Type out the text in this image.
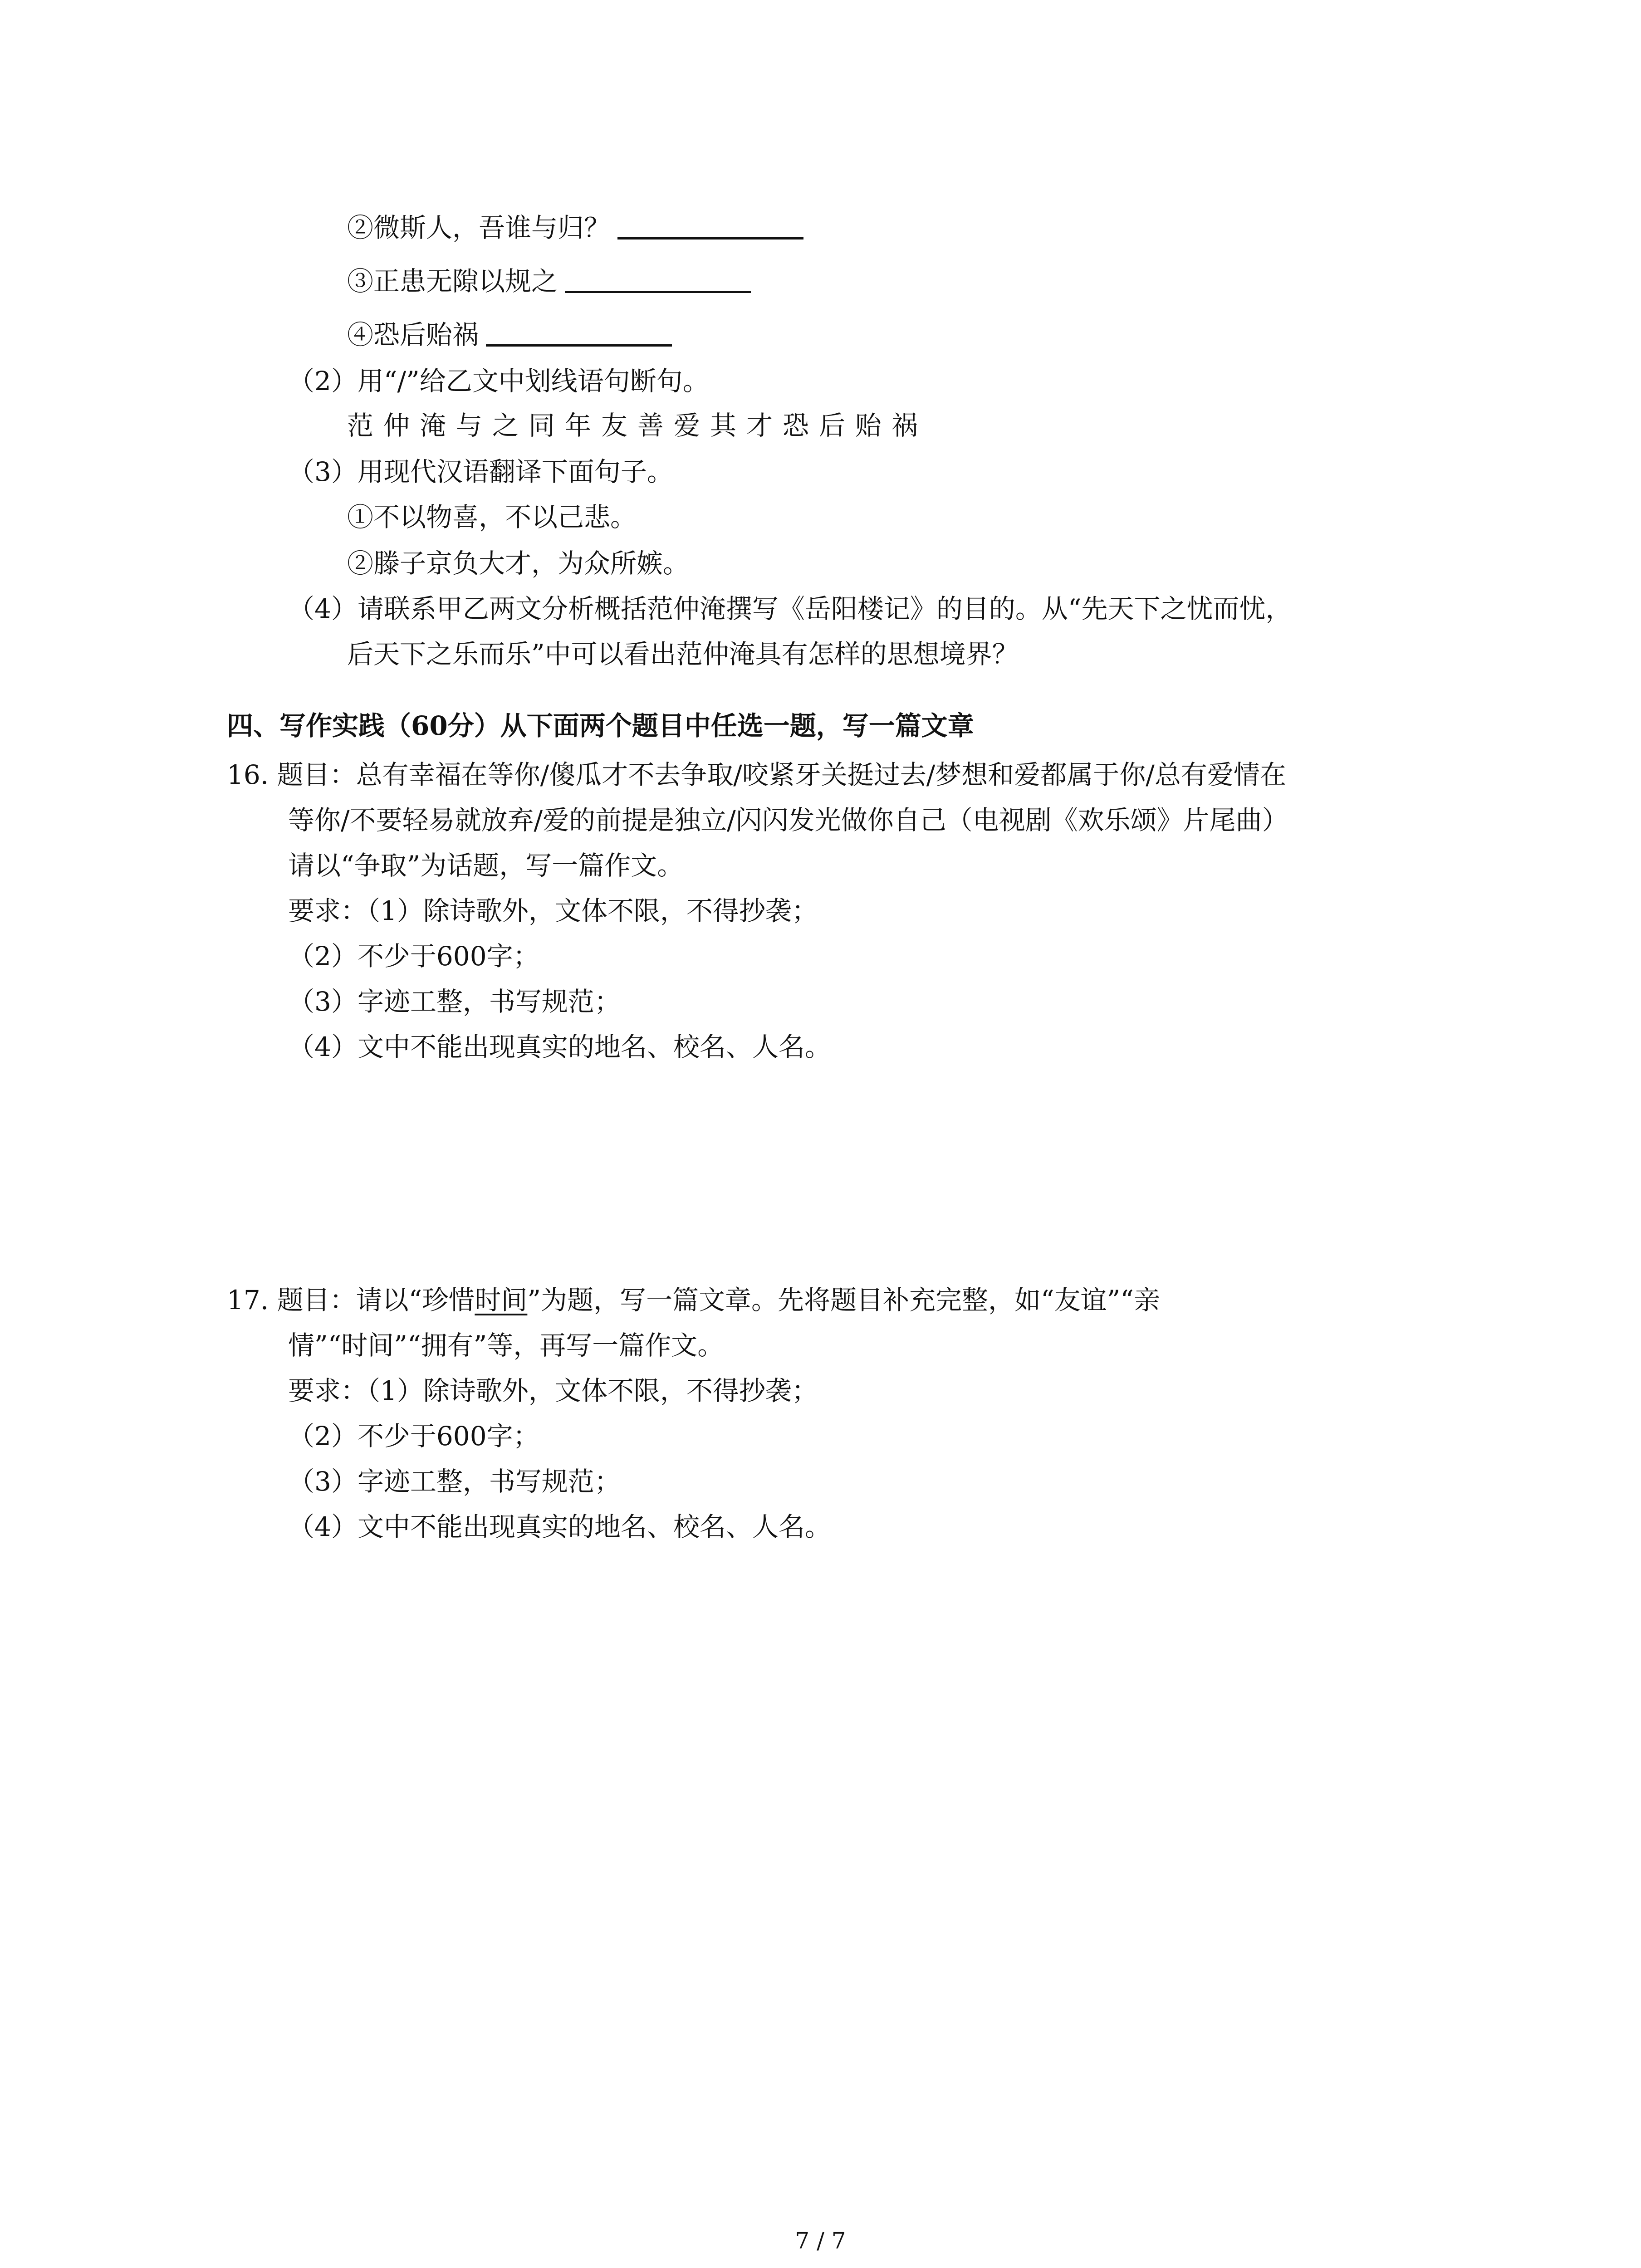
②微斯人，吾谁与归？
③正患无隙以规之
④恐后贻祸
（2）用“/”给乙文中划线语句断句。
范仲淹与之同年友善爱其才恐后贻祸
（3）用现代汉语翻译下面句子。
①不以物喜，不以己悲。
②滕子京负大才，为众所嫉。
（4）请联系甲乙两文分析概括范仲淹撰写《岳阳楼记》的目的。从“先天下之忧而忧，
后天下之乐而乐”中可以看出范仲淹具有怎样的思想境界？
四、写作实践（60分）从下面两个题目中任选一题，写一篇文章
16. 题目：总有幸福在等你/傻瓜才不去争取/咬紧牙关挺过去/梦想和爱都属于你/总有爱情在
等你/不要轻易就放弃/爱的前提是独立/闪闪发光做你自己（电视剧《欢乐颂》片尾曲）
请以“争取”为话题，写一篇作文。
要求：（1）除诗歌外，文体不限，不得抄袭；
（2）不少于600字；
（3）字迹工整，书写规范；
（4）文中不能出现真实的地名、校名、人名。
17. 题目：请以“珍惜时间”为题，写一篇文章。先将题目补充完整，如“友谊”“亲
情”“时间”“拥有”等，再写一篇作文。
要求：（1）除诗歌外，文体不限，不得抄袭；
（2）不少于600字；
（3）字迹工整，书写规范；
（4）文中不能出现真实的地名、校名、人名。
7 / 7
